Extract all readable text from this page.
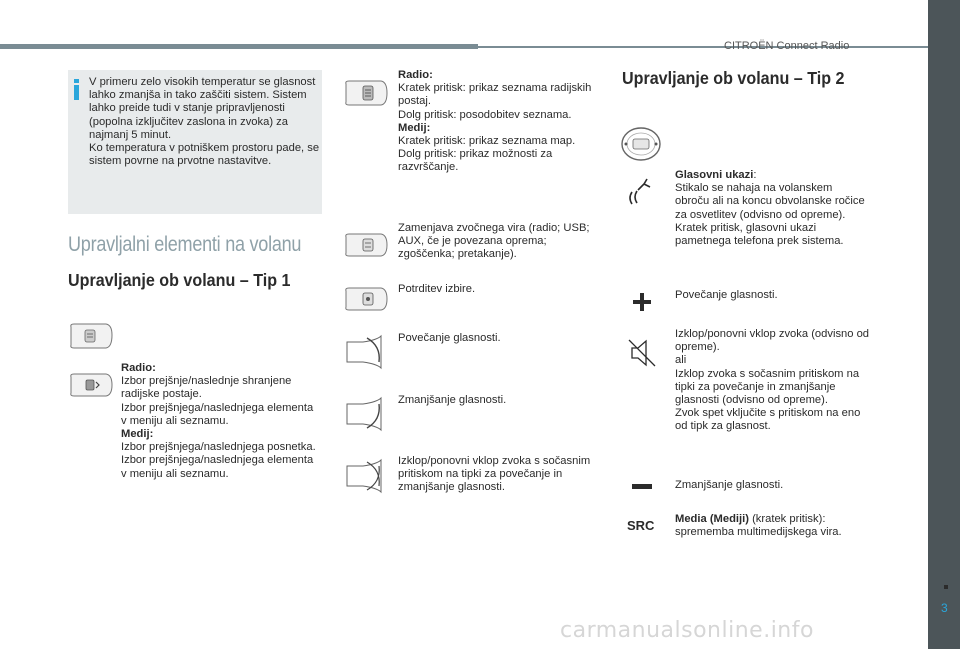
CITROËN Connect Radio
V primeru zelo visokih temperatur se glasnost lahko zmanjša in tako zaščiti sistem. Sistem lahko preide tudi v stanje pripravljenosti (popolna izključitev zaslona in zvoka) za najmanj 5 minut.
Ko temperatura v potniškem prostoru pade, se sistem povrne na prvotne nastavitve.
Upravljalni elementi na volanu
Upravljanje ob volanu – Tip 1
Radio:
Izbor prejšnje/naslednje shranjene radijske postaje.
Izbor prejšnjega/naslednjega elementa v meniju ali seznamu.
Medij:
Izbor prejšnjega/naslednjega posnetka.
Izbor prejšnjega/naslednjega elementa v meniju ali seznamu.
Radio:
Kratek pritisk: prikaz seznama radijskih postaj.
Dolg pritisk: posodobitev seznama.
Medij:
Kratek pritisk: prikaz seznama map.
Dolg pritisk: prikaz možnosti za razvrščanje.
Zamenjava zvočnega vira (radio; USB; AUX, če je povezana oprema; zgoščenka; pretakanje).
Potrditev izbire.
Povečanje glasnosti.
Zmanjšanje glasnosti.
Izklop/ponovni vklop zvoka s sočasnim pritiskom na tipki za povečanje in zmanjšanje glasnosti.
Upravljanje ob volanu – Tip 2
Glasovni ukazi:
Stikalo se nahaja na volanskem obroču ali na koncu obvolanske ročice za osvetlitev (odvisno od opreme).
Kratek pritisk, glasovni ukazi pametnega telefona prek sistema.
Povečanje glasnosti.
Izklop/ponovni vklop zvoka (odvisno od opreme).
ali
Izklop zvoka s sočasnim pritiskom na tipki za povečanje in zmanjšanje glasnosti (odvisno od opreme).
Zvok spet vključite s pritiskom na eno od tipk za glasnost.
Zmanjšanje glasnosti.
SRC Media (Mediji) (kratek pritisk):
sprememba multimedijskega vira.
3
carmanualsonline.info
